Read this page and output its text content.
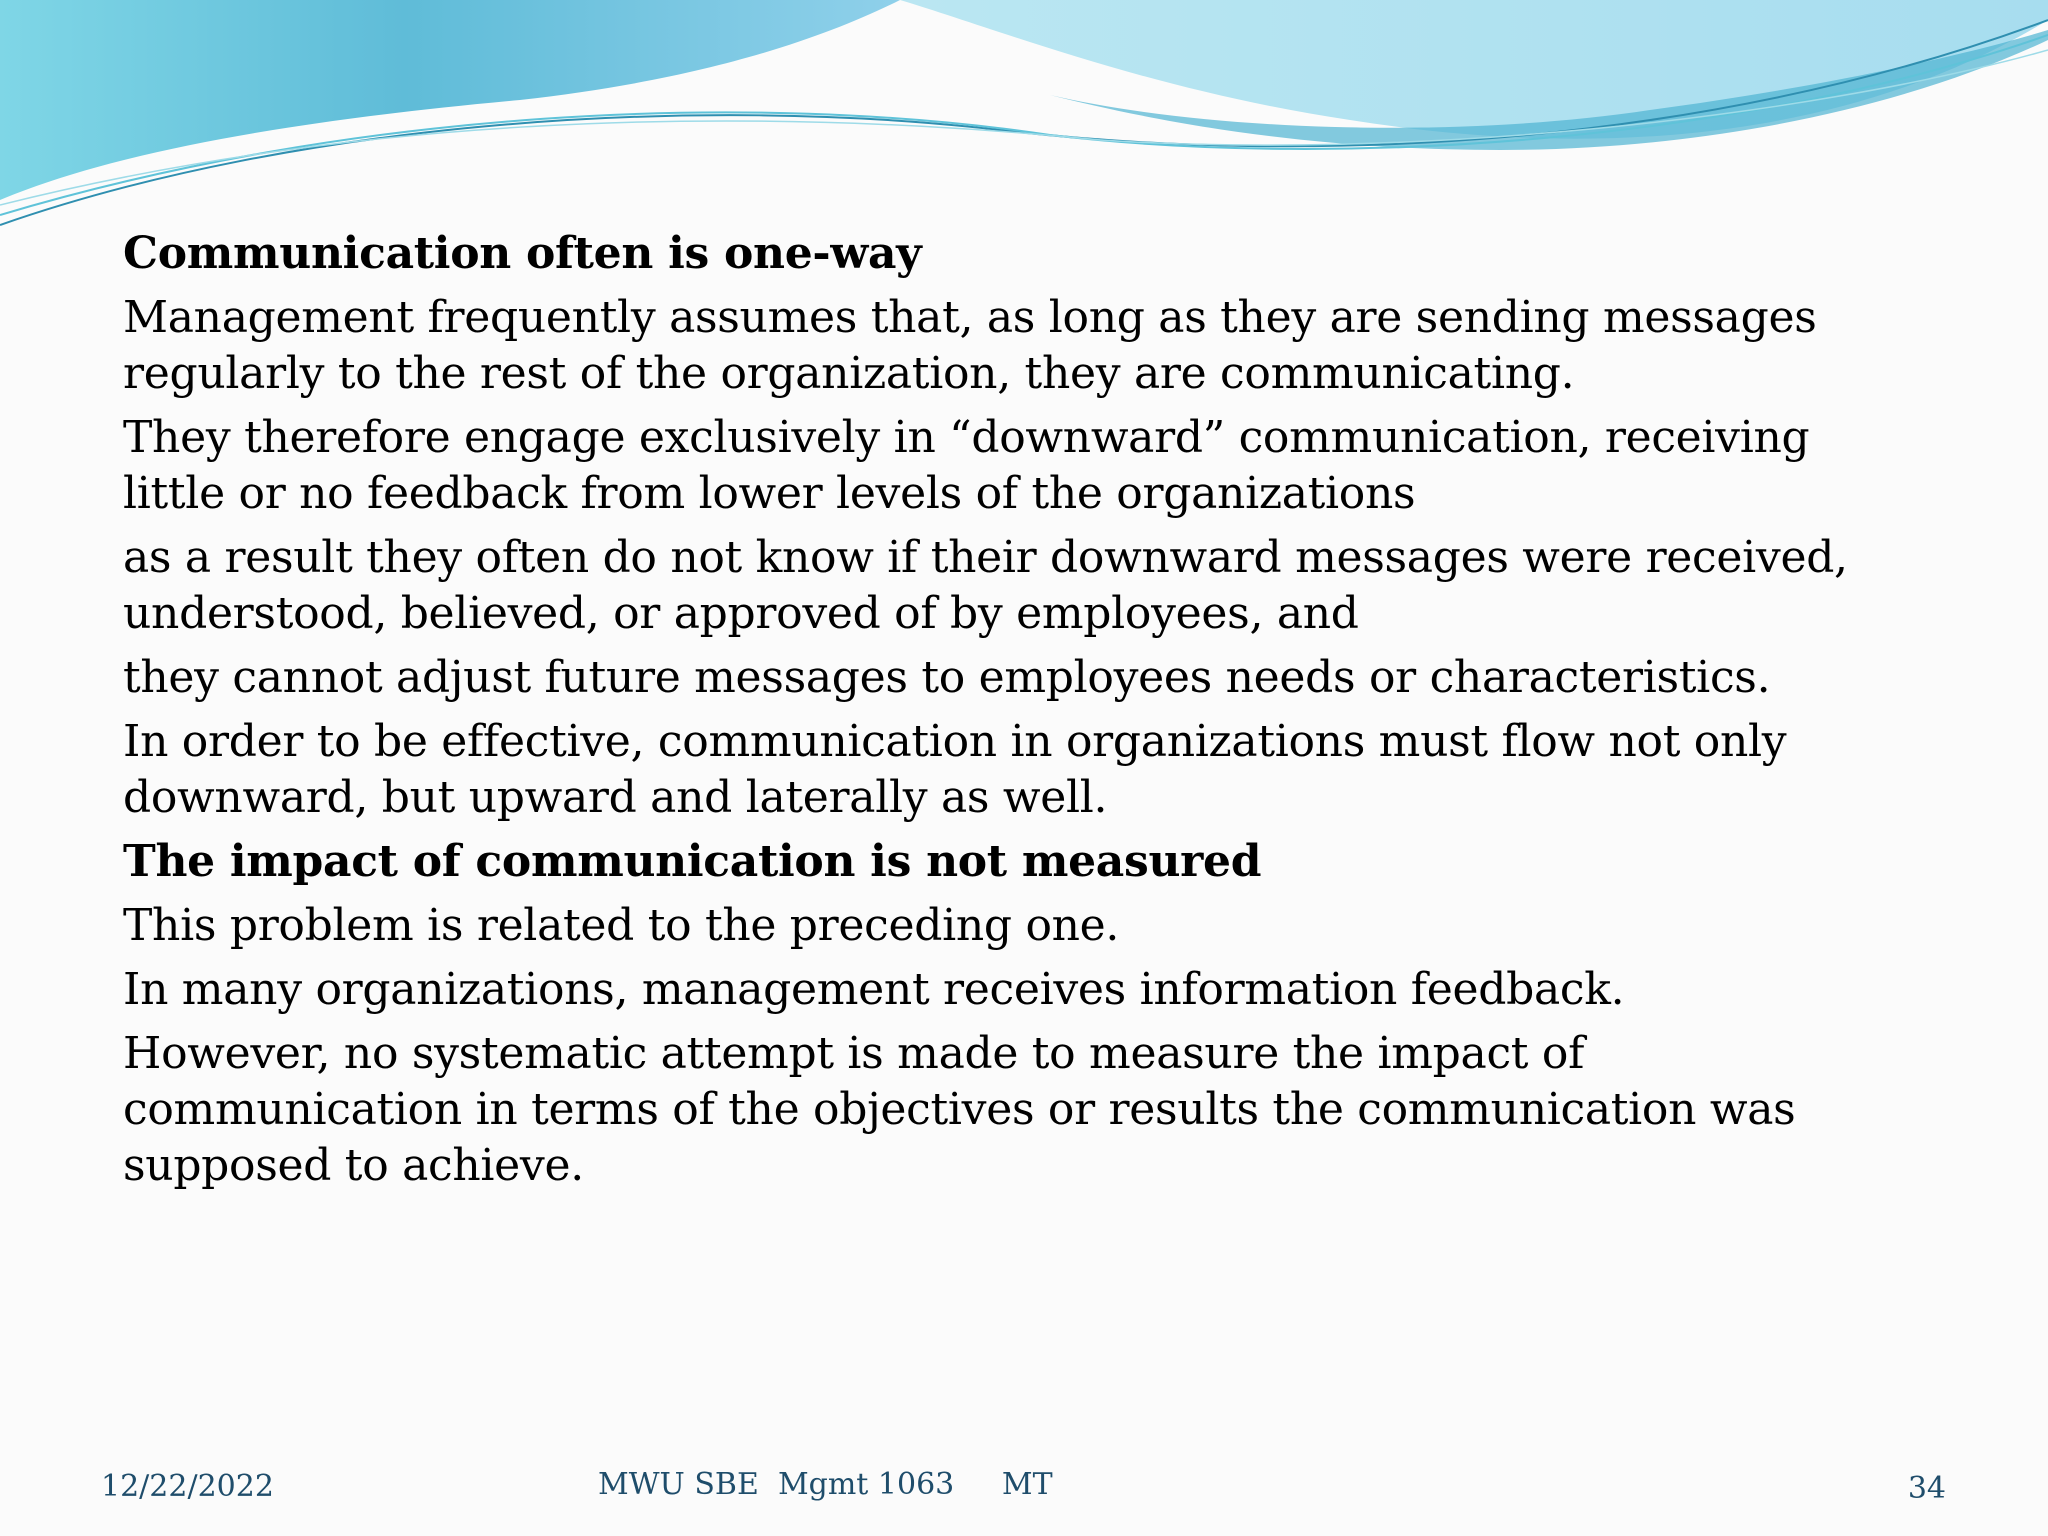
Communication often is one-way

Management frequently assumes that, as long as they are sending messages regularly to the rest of the organization, they are communicating.

They therefore engage exclusively in “downward” communication, receiving little or no feedback from lower levels of the organizations

as a result they often do not know if their downward messages were received, understood, believed, or approved of by employees, and

they cannot adjust future messages to employees needs or characteristics.

In order to be effective, communication in organizations must flow not only downward, but upward and laterally as well.

The impact of communication is not measured

This problem is related to the preceding one.

In many organizations, management receives information feedback.

However, no systematic attempt is made to measure the impact of communication in terms of the objectives or results the communication was supposed to achieve.

12/22/2022	MWU SBE  Mgmt 1063     MT	34
